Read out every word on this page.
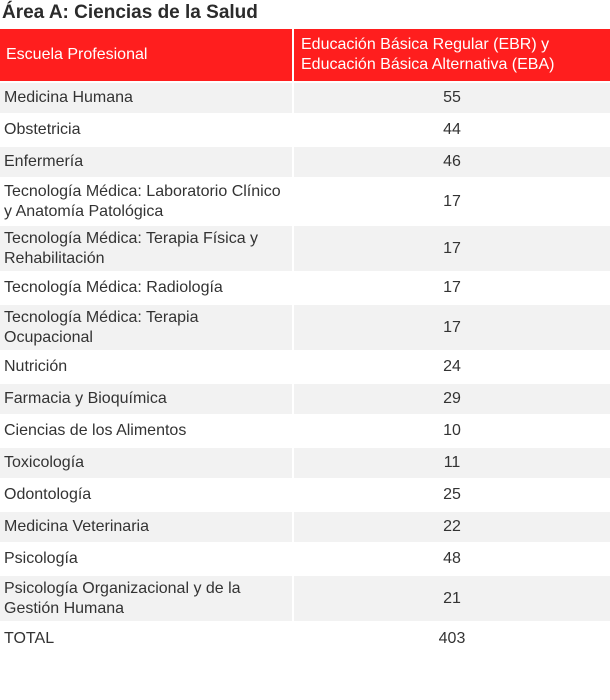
Área A: Ciencias de la Salud
Escuela Profesional	Educación Básica Regular (EBR) y Educación Básica Alternativa (EBA)
Medicina Humana	55
Obstetricia	44
Enfermería	46
Tecnología Médica: Laboratorio Clínico y Anatomía Patológica	17
Tecnología Médica: Terapia Física y Rehabilitación	17
Tecnología Médica: Radiología	17
Tecnología Médica: Terapia Ocupacional	17
Nutrición	24
Farmacia y Bioquímica	29
Ciencias de los Alimentos	10
Toxicología	11
Odontología	25
Medicina Veterinaria	22
Psicología	48
Psicología Organizacional y de la Gestión Humana	21
TOTAL	403
